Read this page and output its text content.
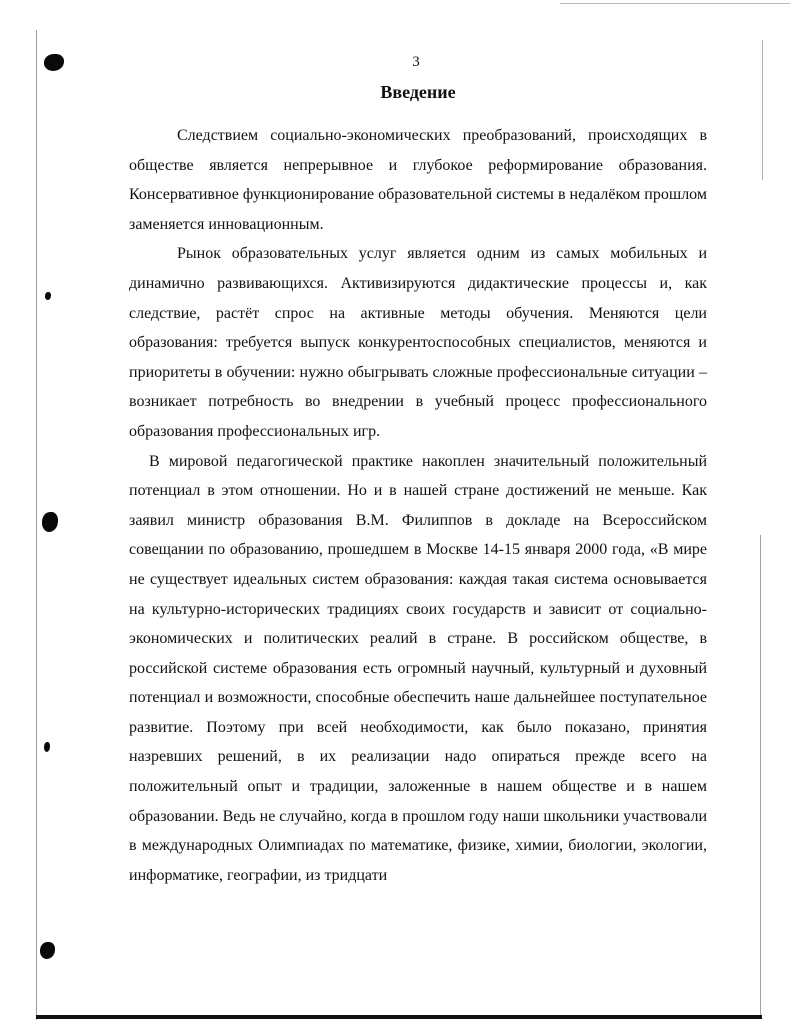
3
Введение

Следствием социально-экономических преобразований, происходящих в обществе является непрерывное и глубокое реформирование образования. Консервативное функционирование образовательной системы в недалёком прошлом заменяется инновационным.

Рынок образовательных услуг является одним из самых мобильных и динамично развивающихся. Активизируются дидактические процессы и, как следствие, растёт спрос на активные методы обучения. Меняются цели образования: требуется выпуск конкурентоспособных специалистов, меняются и приоритеты в обучении: нужно обыгрывать сложные профессиональные ситуации – возникает потребность во внедрении в учебный процесс профессионального образования профессиональных игр.

В мировой педагогической практике накоплен значительный положительный потенциал в этом отношении. Но и в нашей стране достижений не меньше. Как заявил министр образования В.М. Филиппов в докладе на Всероссийском совещании по образованию, прошедшем в Москве 14-15 января 2000 года, «В мире не существует идеальных систем образования: каждая такая система основывается на культурно-исторических традициях своих государств и зависит от социально-экономических и политических реалий в стране. В российском обществе, в российской системе образования есть огромный научный, культурный и духовный потенциал и возможности, способные обеспечить наше дальнейшее поступательное развитие. Поэтому при всей необходимости, как было показано, принятия назревших решений, в их реализации надо опираться прежде всего на положительный опыт и традиции, заложенные в нашем обществе и в нашем образовании. Ведь не случайно, когда в прошлом году наши школьники участвовали в международных Олимпиадах по математике, физике, химии, биологии, экологии, информатике, географии, из тридцати
